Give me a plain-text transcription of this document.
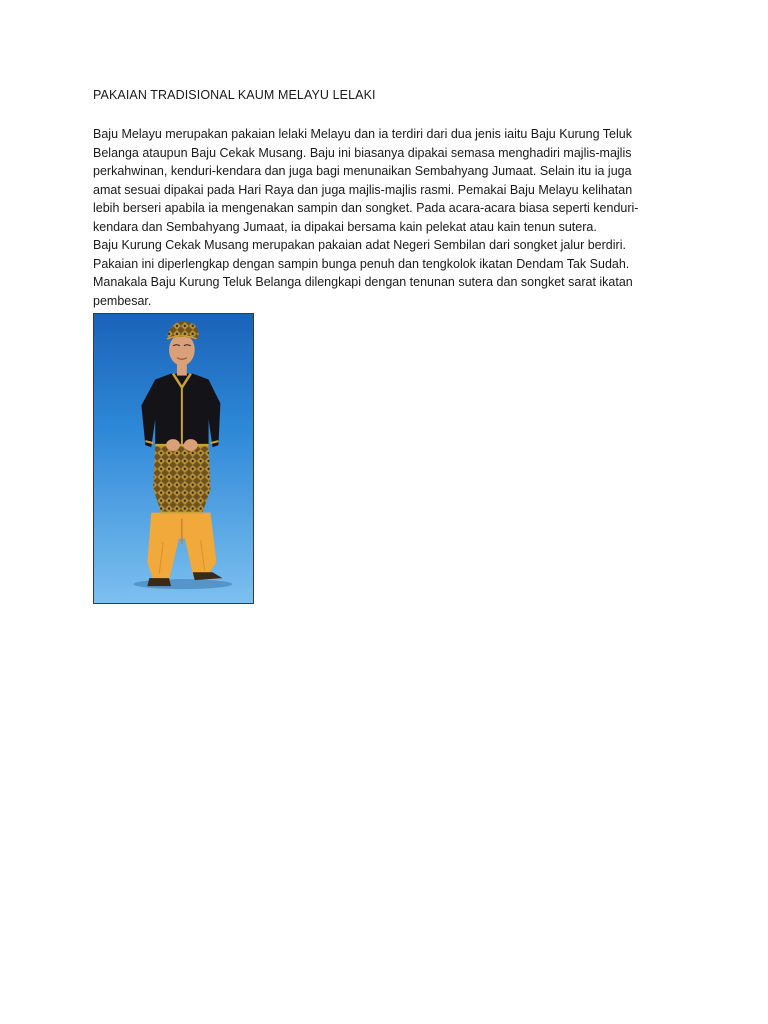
PAKAIAN TRADISIONAL KAUM MELAYU LELAKI
Baju Melayu merupakan pakaian lelaki Melayu dan ia terdiri dari dua jenis iaitu Baju Kurung Teluk
Belanga ataupun Baju Cekak Musang. Baju ini biasanya dipakai semasa menghadiri majlis-majlis
perkahwinan, kenduri-kendara dan juga bagi menunaikan Sembahyang Jumaat. Selain itu ia juga
amat sesuai dipakai pada Hari Raya dan juga majlis-majlis rasmi. Pemakai Baju Melayu kelihatan
lebih berseri apabila ia mengenakan sampin dan songket. Pada acara-acara biasa seperti kenduri-
kendara dan Sembahyang Jumaat, ia dipakai bersama kain pelekat atau kain tenun sutera.
Baju Kurung Cekak Musang merupakan pakaian adat Negeri Sembilan dari songket jalur berdiri.
Pakaian ini diperlengkap dengan sampin bunga penuh dan tengkolok ikatan Dendam Tak Sudah.
Manakala Baju Kurung Teluk Belanga dilengkapi dengan tenunan sutera dan songket sarat ikatan
pembesar.
